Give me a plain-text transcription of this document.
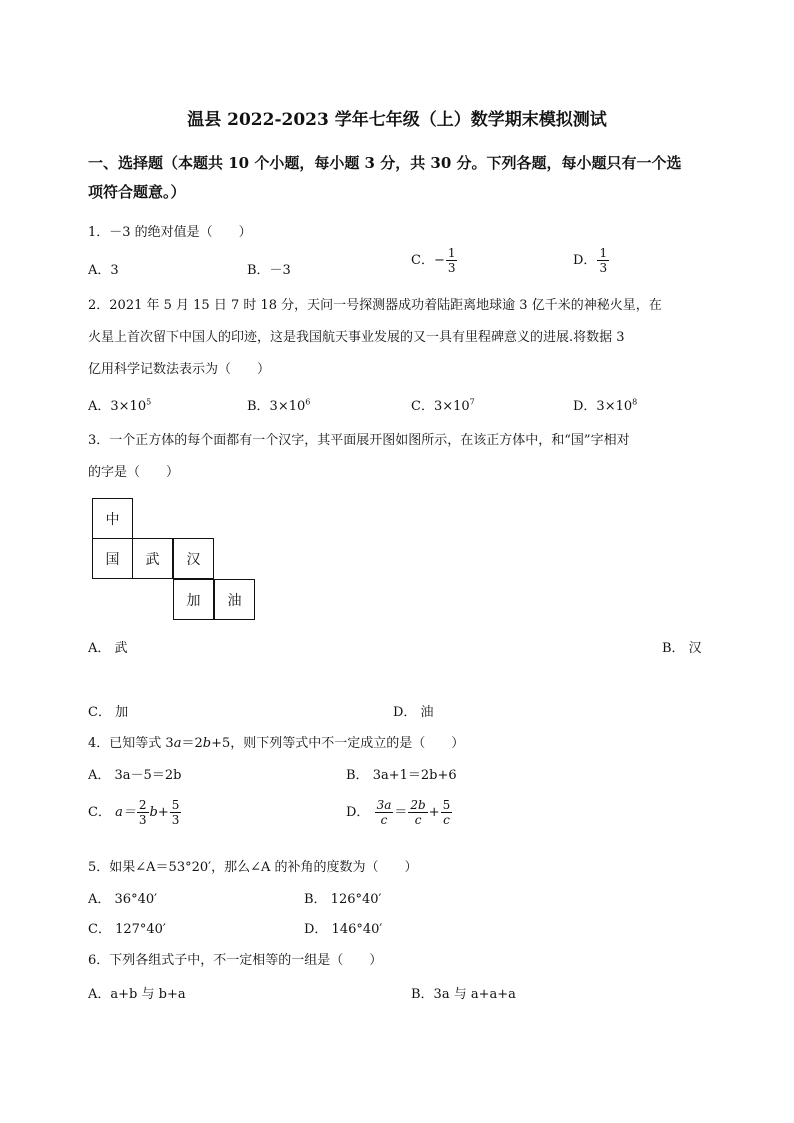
温县 2022-2023 学年七年级（上）数学期末模拟测试
一、选择题（本题共 10 个小题，每小题 3 分，共 30 分。下列各题，每小题只有一个选
项符合题意。）
1．－3 的绝对值是（　　）
A．3	B．－3
C．− $\frac{1}{3}$	D． $\frac{1}{3}$
2．2021 年 5 月 15 日 7 时 18 分，天问一号探测器成功着陆距离地球逾 3 亿千米的神秘火星，在
火星上首次留下中国人的印迹，这是我国航天事业发展的又一具有里程碑意义的进展.将数据 3
亿用科学记数法表示为（　　）
A．$3\times 10^5$	B．$3\times 10^6$	C．$3\times 10^7$	D．$3\times 10^8$
3．一个正方体的每个面都有一个汉字，其平面展开图如图所示，在该正方体中，和“国”字相对
的字是（　　）
中
国	武	汉
加	油
A． 武	B． 汉
C． 加	D． 油
4．已知等式 3a＝2b+5，则下列等式中不一定成立的是（　　）
A． 3a－5＝2b	B． 3a+1＝2b+6
C． $a= \frac{2}{3} b+ \frac{5}{3}$	D． $\frac{3a}{c} = \frac{2b}{c} + \frac{5}{c}$
5．如果∠A＝53°20′，那么∠A 的补角的度数为（　　）
A． 36°40′	B． 126°40′
C． 127°40′	D． 146°40′
6．下列各组式子中，不一定相等的一组是（　　）
A．a+b 与 b+a	B．3a 与 a+a+a
